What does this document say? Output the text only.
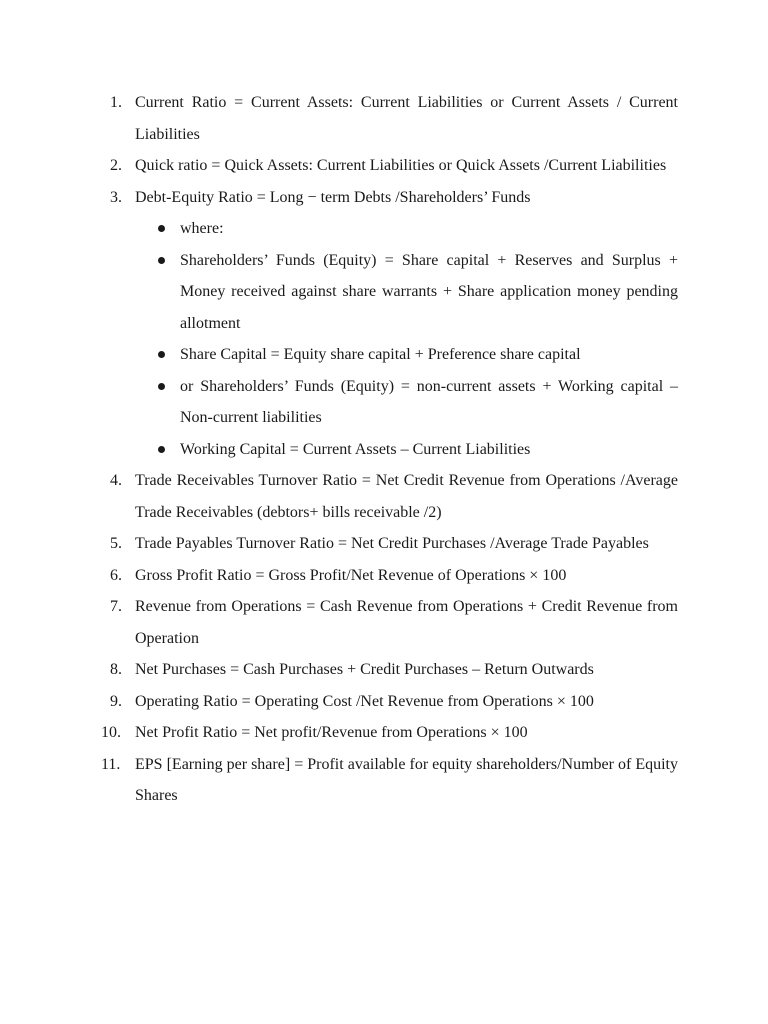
1. Current Ratio = Current Assets: Current Liabilities or Current Assets / Current Liabilities

2. Quick ratio = Quick Assets: Current Liabilities or Quick Assets /Current Liabilities

3. Debt-Equity Ratio = Long − term Debts /Shareholders’ Funds

where:

Shareholders’ Funds (Equity) = Share capital + Reserves and Surplus + Money received against share warrants + Share application money pending allotment

Share Capital = Equity share capital + Preference share capital

or Shareholders’ Funds (Equity) = non-current assets + Working capital – Non-current liabilities

Working Capital = Current Assets – Current Liabilities

4. Trade Receivables Turnover Ratio = Net Credit Revenue from Operations /Average Trade Receivables (debtors+ bills receivable /2)

5. Trade Payables Turnover Ratio = Net Credit Purchases /Average Trade Payables

6. Gross Profit Ratio = Gross Profit/Net Revenue of Operations × 100

7. Revenue from Operations = Cash Revenue from Operations + Credit Revenue from Operation

8. Net Purchases = Cash Purchases + Credit Purchases – Return Outwards

9. Operating Ratio = Operating Cost /Net Revenue from Operations × 100

10. Net Profit Ratio = Net profit/Revenue from Operations × 100

11. EPS [Earning per share] = Profit available for equity shareholders/Number of Equity Shares
